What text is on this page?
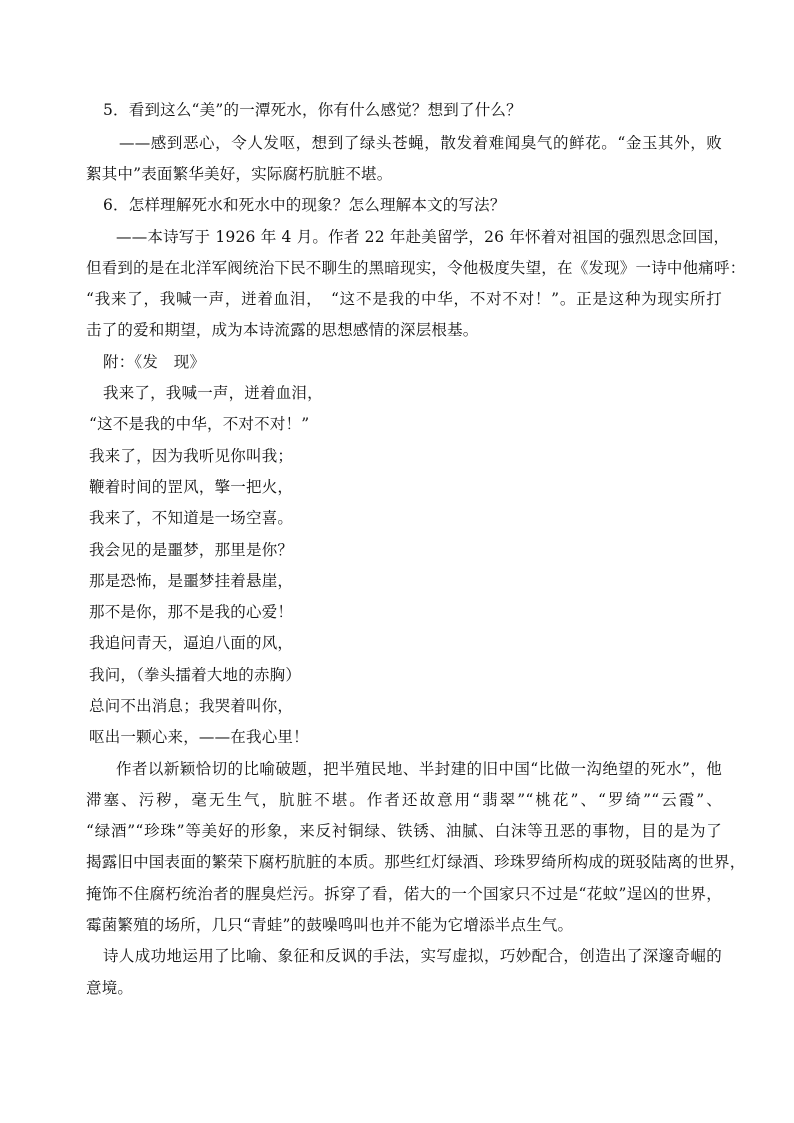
5．看到这么“美”的一潭死水，你有什么感觉？想到了什么？
——感到恶心，令人发呕，想到了绿头苍蝇，散发着难闻臭气的鲜花。“金玉其外，败
絮其中”表面繁华美好，实际腐朽肮脏不堪。
6．怎样理解死水和死水中的现象？怎么理解本文的写法？
——本诗写于 1926 年 4 月。作者 22 年赴美留学，26 年怀着对祖国的强烈思念回国，
但看到的是在北洋军阀统治下民不聊生的黑暗现实，令他极度失望，在《发现》一诗中他痛呼：
“我来了，我喊一声，迸着血泪，　“这不是我的中华，不对不对！”。正是这种为现实所打
击了的爱和期望，成为本诗流露的思想感情的深层根基。
附：《发　现》
我来了，我喊一声，迸着血泪，
“这不是我的中华，不对不对！”
我来了，因为我听见你叫我；
鞭着时间的罡风，擎一把火，
我来了，不知道是一场空喜。
我会见的是噩梦，那里是你？
那是恐怖，是噩梦挂着悬崖，
那不是你，那不是我的心爱！
我追问青天，逼迫八面的风，
我问，（拳头擂着大地的赤胸）
总问不出消息；我哭着叫你，
呕出一颗心来，——在我心里！
作者以新颖恰切的比喻破题，把半殖民地、半封建的旧中国“比做一沟绝望的死水”，他
滞塞、污秽，毫无生气，肮脏不堪。作者还故意用“翡翠”“桃花”、“罗绮”“云霞”、
“绿酒”“珍珠”等美好的形象，来反衬铜绿、铁锈、油腻、白沫等丑恶的事物，目的是为了
揭露旧中国表面的繁荣下腐朽肮脏的本质。那些红灯绿酒、珍珠罗绮所构成的斑驳陆离的世界，
掩饰不住腐朽统治者的腥臭烂污。拆穿了看，偌大的一个国家只不过是“花蚊”逞凶的世界，
霉菌繁殖的场所，几只“青蛙”的鼓噪鸣叫也并不能为它增添半点生气。
诗人成功地运用了比喻、象征和反讽的手法，实写虚拟，巧妙配合，创造出了深邃奇崛的
意境。
